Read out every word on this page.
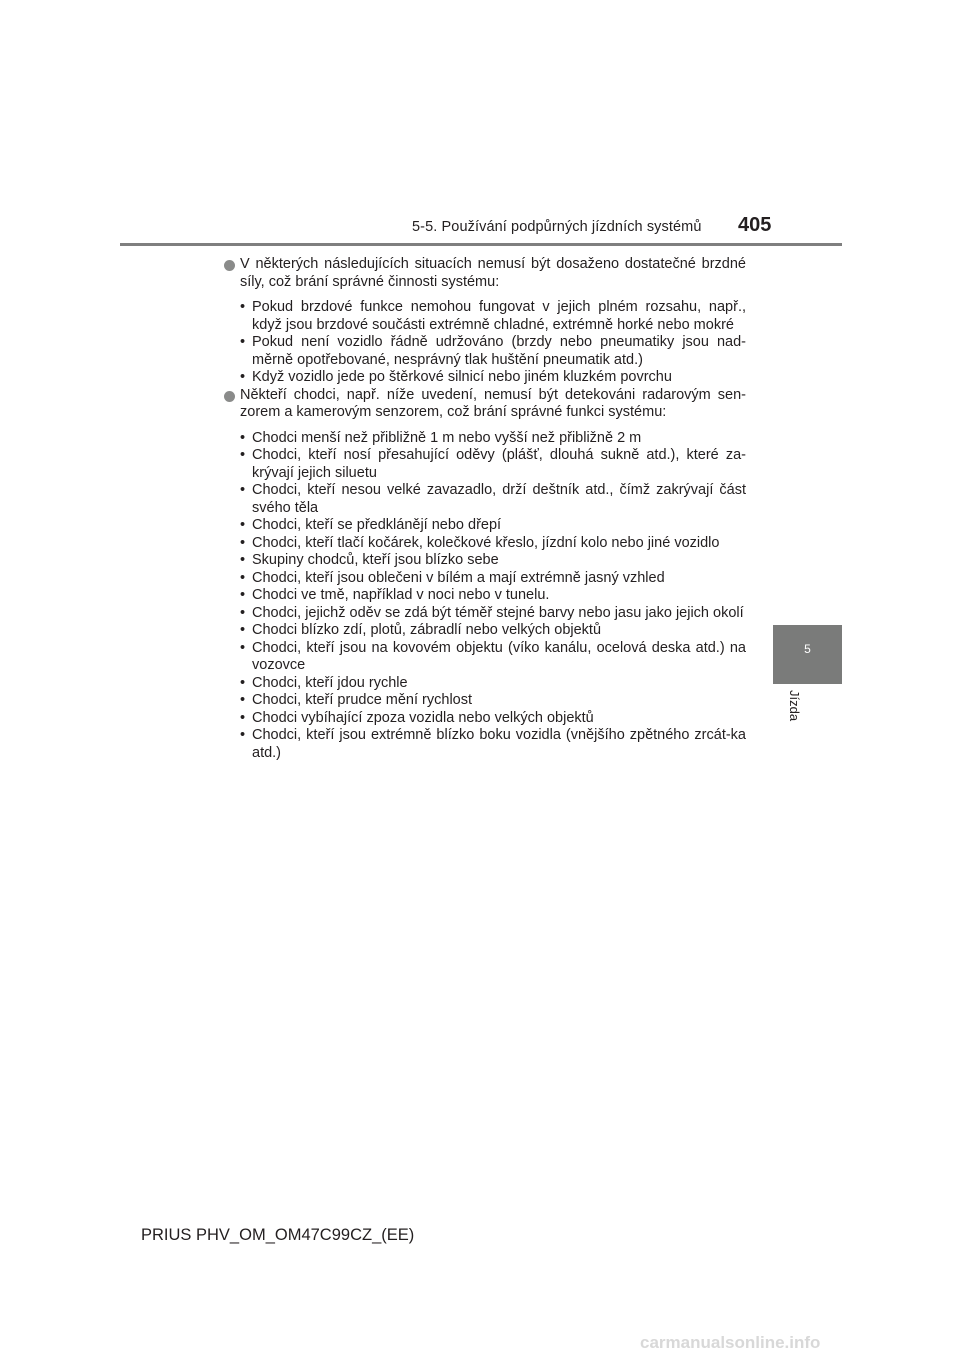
5-5. Používání podpůrných jízdních systémů 405
5
Jízda
V některých následujících situacích nemusí být dosaženo dostatečné brzdné síly, což brání správné činnosti systému:
• Pokud brzdové funkce nemohou fungovat v jejich plném rozsahu, např., když jsou brzdové součásti extrémně chladné, extrémně horké nebo mokré
• Pokud není vozidlo řádně udržováno (brzdy nebo pneumatiky jsou nad-měrně opotřebované, nesprávný tlak huštění pneumatik atd.)
• Když vozidlo jede po štěrkové silnicí nebo jiném kluzkém povrchu
Někteří chodci, např. níže uvedení, nemusí být detekováni radarovým sen-zorem a kamerovým senzorem, což brání správné funkci systému:
• Chodci menší než přibližně 1 m nebo vyšší než přibližně 2 m
• Chodci, kteří nosí přesahující oděvy (plášť, dlouhá sukně atd.), které za-krývají jejich siluetu
• Chodci, kteří nesou velké zavazadlo, drží deštník atd., čímž zakrývají část svého těla
• Chodci, kteří se předklánějí nebo dřepí
• Chodci, kteří tlačí kočárek, kolečkové křeslo, jízdní kolo nebo jiné vozidlo
• Skupiny chodců, kteří jsou blízko sebe
• Chodci, kteří jsou oblečeni v bílém a mají extrémně jasný vzhled
• Chodci ve tmě, například v noci nebo v tunelu.
• Chodci, jejichž oděv se zdá být téměř stejné barvy nebo jasu jako jejich okolí
• Chodci blízko zdí, plotů, zábradlí nebo velkých objektů
• Chodci, kteří jsou na kovovém objektu (víko kanálu, ocelová deska atd.) na vozovce
• Chodci, kteří jdou rychle
• Chodci, kteří prudce mění rychlost
• Chodci vybíhající zpoza vozidla nebo velkých objektů
• Chodci, kteří jsou extrémně blízko boku vozidla (vnějšího zpětného zrcát-ka atd.)
PRIUS PHV_OM_OM47C99CZ_(EE)
carmanualsonline.info
